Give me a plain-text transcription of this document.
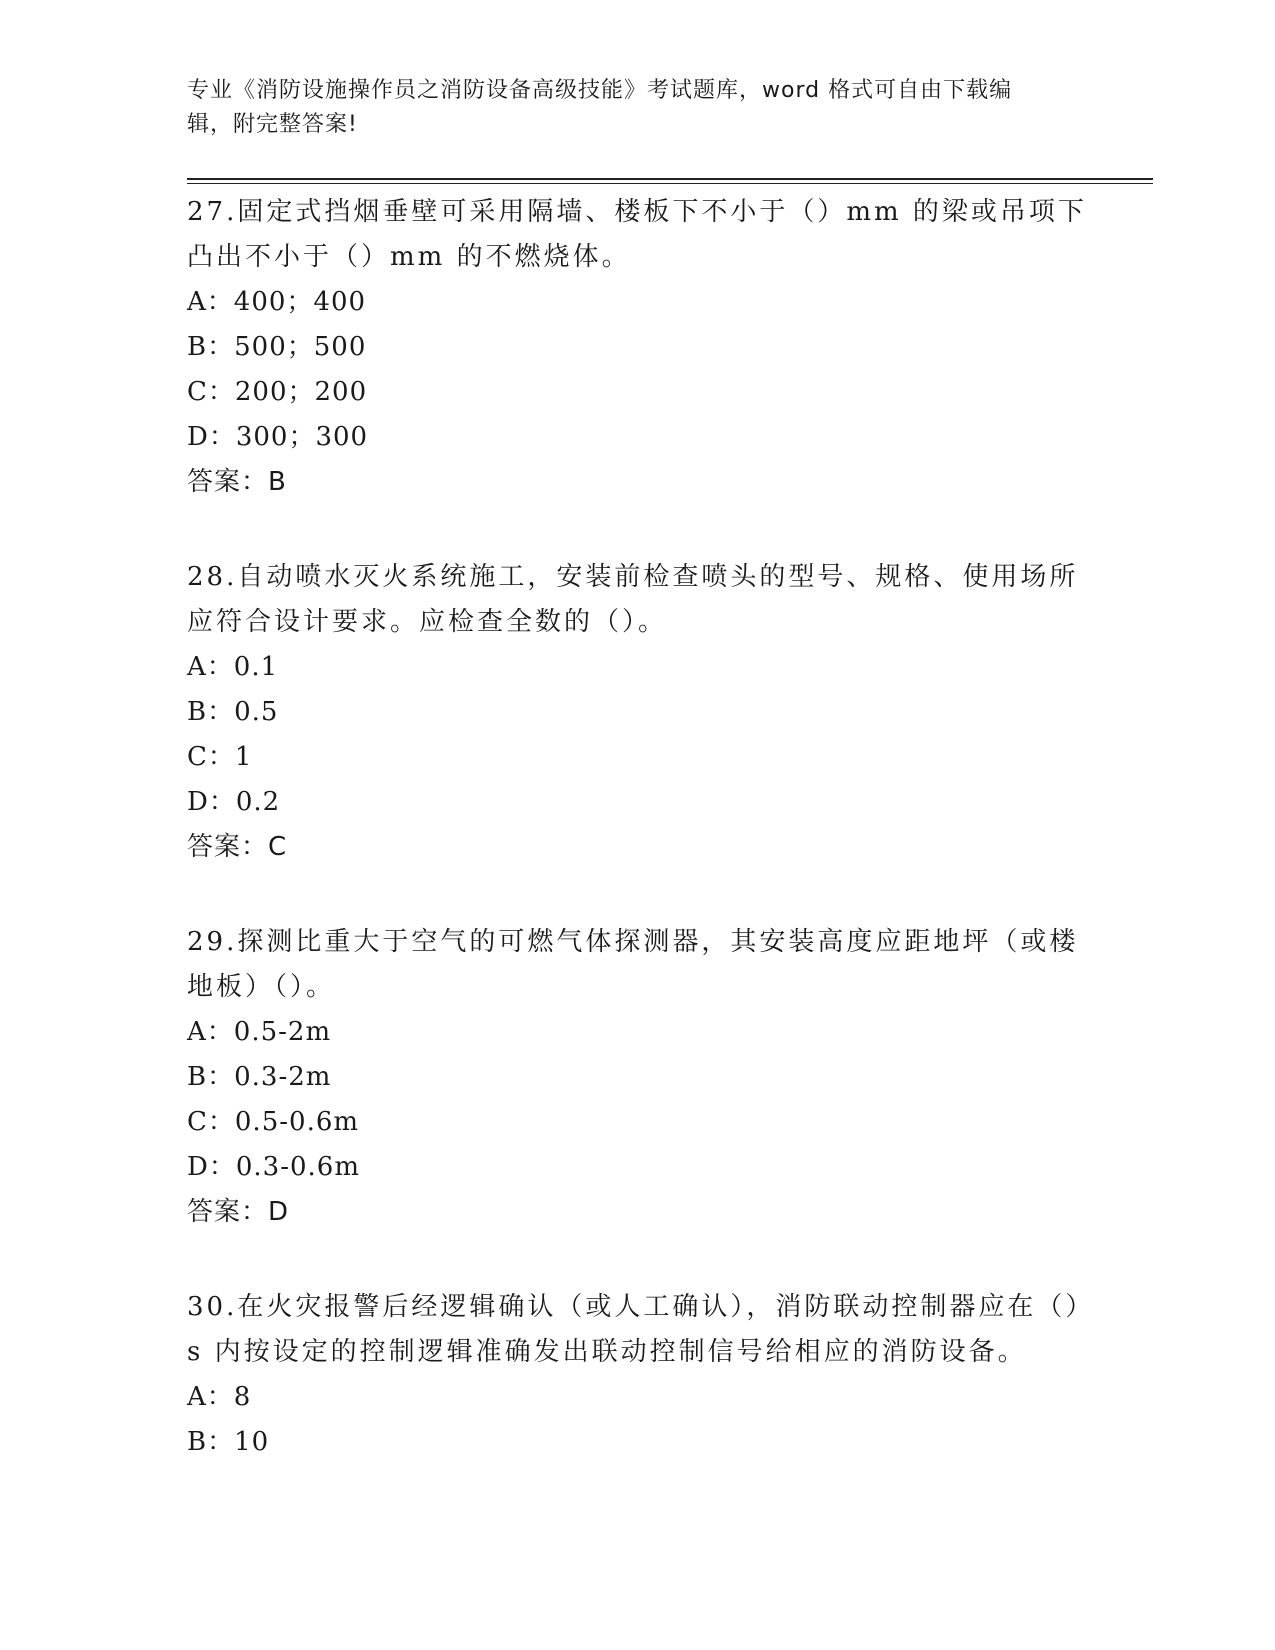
专业《消防设施操作员之消防设备高级技能》考试题库，word 格式可自由下载编
辑，附完整答案!

27.固定式挡烟垂壁可采用隔墙、楼板下不小于（）mm 的梁或吊项下凸出不小于（）mm 的不燃烧体。

A：400；400

B：500；500

C：200；200

D：300；300

答案：B

28.自动喷水灭火系统施工，安装前检查喷头的型号、规格、使用场所应符合设计要求。应检查全数的（）。

A：0.1

B：0.5

C：1

D：0.2

答案：C

29.探测比重大于空气的可燃气体探测器，其安装高度应距地坪（或楼地板）（）。

A：0.5-2m

B：0.3-2m

C：0.5-0.6m

D：0.3-0.6m

答案：D

30.在火灾报警后经逻辑确认（或人工确认），消防联动控制器应在（）s 内按设定的控制逻辑准确发出联动控制信号给相应的消防设备。

A：8

B：10
